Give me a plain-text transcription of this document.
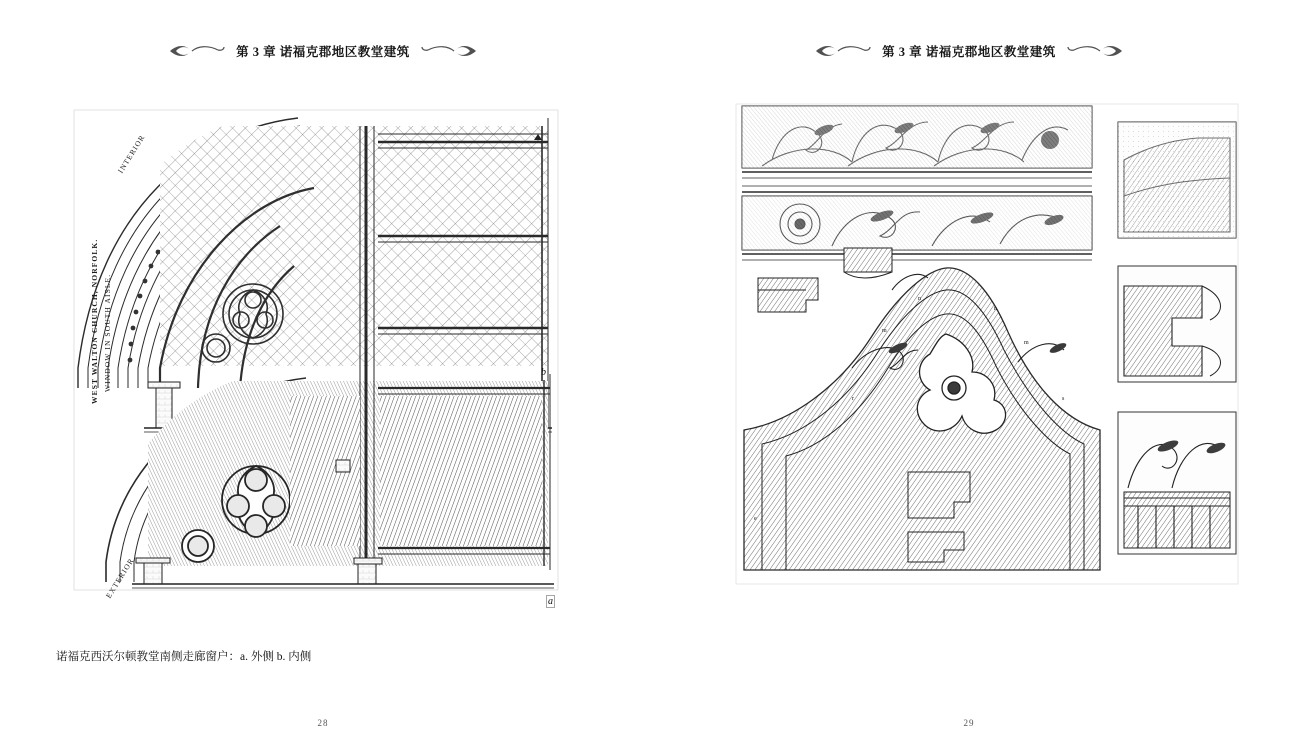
第 3 章 诺福克郡地区教堂建筑
INTERIOR
EXTERIOR
WEST WALTON CHURCH, NORFOLK. WINDOW IN SOUTH AISLE.	b
a
诺福克西沃尔顿教堂南侧走廊窗户：a. 外侧 b. 内侧
28
第 3 章 诺福克郡地区教堂建筑
m
n
n
m
r	s
e
29
